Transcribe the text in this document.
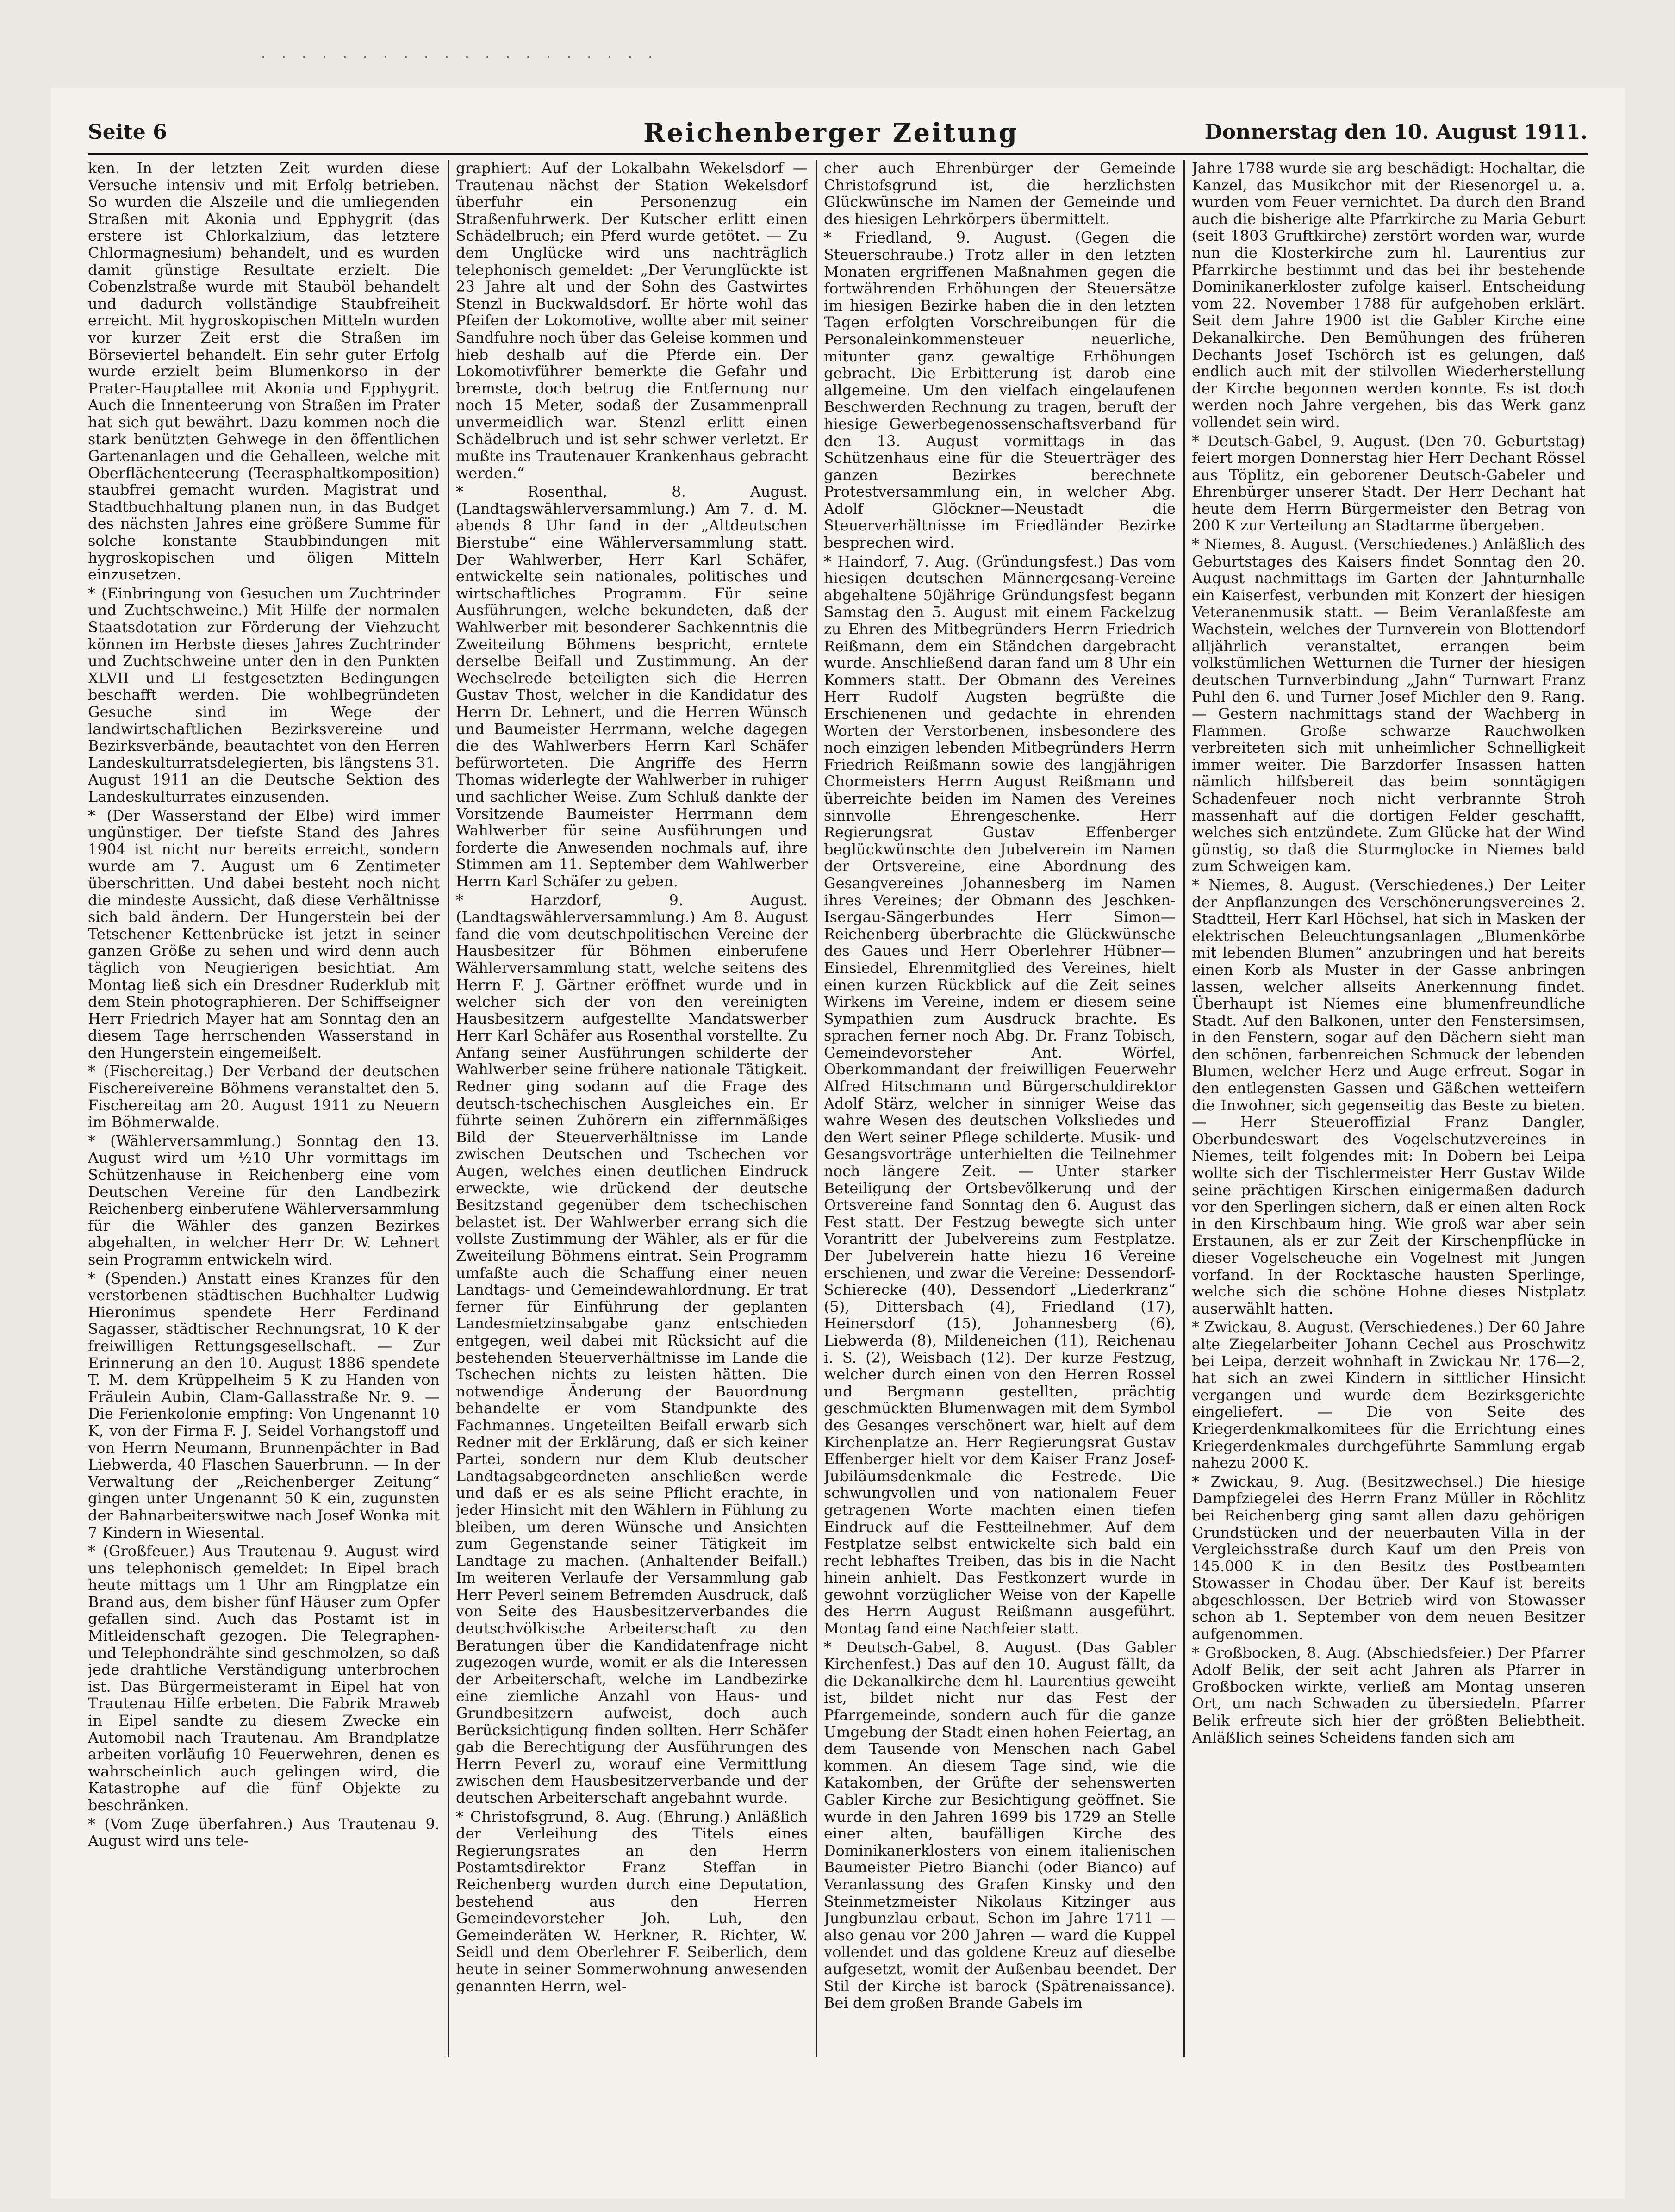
· · · · · · · · · · · · · · · · · · · ·
Seite 6	Reichenberger Zeitung	Donnerstag den 10. August 1911.

ken. In der letzten Zeit wurden diese Versuche intensiv und mit Erfolg betrieben. So wurden die Alszeile und die umliegenden Straßen mit Akonia und Epphygrit (das erstere ist Chlorkalzium, das letztere Chlormagnesium) behandelt, und es wurden damit günstige Resultate erzielt. Die Cobenzlstraße wurde mit Stauböl behandelt und dadurch vollständige Staubfreiheit erreicht. Mit hygroskopischen Mitteln wurden vor kurzer Zeit erst die Straßen im Börseviertel behandelt. Ein sehr guter Erfolg wurde erzielt beim Blumenkorso in der Prater-Hauptallee mit Akonia und Epphygrit. Auch die Innenteerung von Straßen im Prater hat sich gut bewährt. Dazu kommen noch die stark benützten Gehwege in den öffentlichen Gartenanlagen und die Gehalleen, welche mit Oberflächenteerung (Teerasphaltkomposition) staubfrei gemacht wurden. Magistrat und Stadtbuchhaltung planen nun, in das Budget des nächsten Jahres eine größere Summe für solche konstante Staubbindungen mit hygroskopischen und öligen Mitteln einzusetzen.

* (Einbringung von Gesuchen um Zuchtrinder und Zuchtschweine.) Mit Hilfe der normalen Staatsdotation zur Förderung der Viehzucht können im Herbste dieses Jahres Zuchtrinder und Zuchtschweine unter den in den Punkten XLVII und LI festgesetzten Bedingungen beschafft werden. Die wohlbegründeten Gesuche sind im Wege der landwirtschaftlichen Bezirksvereine und Bezirksverbände, beautachtet von den Herren Landeskulturratsdelegierten, bis längstens 31. August 1911 an die Deutsche Sektion des Landeskulturrates einzusenden.

* (Der Wasserstand der Elbe) wird immer ungünstiger. Der tiefste Stand des Jahres 1904 ist nicht nur bereits erreicht, sondern wurde am 7. August um 6 Zentimeter überschritten. Und dabei besteht noch nicht die mindeste Aussicht, daß diese Verhältnisse sich bald ändern. Der Hungerstein bei der Tetschener Kettenbrücke ist jetzt in seiner ganzen Größe zu sehen und wird denn auch täglich von Neugierigen besichtiat. Am Montag ließ sich ein Dresdner Ruderklub mit dem Stein photographieren. Der Schiffseigner Herr Friedrich Mayer hat am Sonntag den an diesem Tage herrschenden Wasserstand in den Hungerstein eingemeißelt.

* (Fischereitag.) Der Verband der deutschen Fischereivereine Böhmens veranstaltet den 5. Fischereitag am 20. August 1911 zu Neuern im Böhmerwalde.

* (Wählerversammlung.) Sonntag den 13. August wird um ½10 Uhr vormittags im Schützenhause in Reichenberg eine vom Deutschen Vereine für den Landbezirk Reichenberg einberufene Wählerversammlung für die Wähler des ganzen Bezirkes abgehalten, in welcher Herr Dr. W. Lehnert sein Programm entwickeln wird.

* (Spenden.) Anstatt eines Kranzes für den verstorbenen städtischen Buchhalter Ludwig Hieronimus spendete Herr Ferdinand Sagasser, städtischer Rechnungsrat, 10 K der freiwilligen Rettungsgesellschaft. — Zur Erinnerung an den 10. August 1886 spendete T. M. dem Krüppelheim 5 K zu Handen von Fräulein Aubin, Clam-Gallasstraße Nr. 9. — Die Ferienkolonie empfing: Von Ungenannt 10 K, von der Firma F. J. Seidel Vorhangstoff und von Herrn Neumann, Brunnenpächter in Bad Liebwerda, 40 Flaschen Sauerbrunn. — In der Verwaltung der „Reichenberger Zeitung“ gingen unter Ungenannt 50 K ein, zugunsten der Bahnarbeiterswitwe nach Josef Wonka mit 7 Kindern in Wiesental.

* (Großfeuer.) Aus Trautenau 9. August wird uns telephonisch gemeldet: In Eipel brach heute mittags um 1 Uhr am Ringplatze ein Brand aus, dem bisher fünf Häuser zum Opfer gefallen sind. Auch das Postamt ist in Mitleidenschaft gezogen. Die Telegraphen- und Telephondrähte sind geschmolzen, so daß jede drahtliche Verständigung unterbrochen ist. Das Bürgermeisteramt in Eipel hat von Trautenau Hilfe erbeten. Die Fabrik Mraweb in Eipel sandte zu diesem Zwecke ein Automobil nach Trautenau. Am Brandplatze arbeiten vorläufig 10 Feuerwehren, denen es wahrscheinlich auch gelingen wird, die Katastrophe auf die fünf Objekte zu beschränken.

* (Vom Zuge überfahren.) Aus Trautenau 9. August wird uns tele-

graphiert: Auf der Lokalbahn Wekelsdorf —Trautenau nächst der Station Wekelsdorf überfuhr ein Personenzug ein Straßenfuhrwerk. Der Kutscher erlitt einen Schädelbruch; ein Pferd wurde getötet. — Zu dem Unglücke wird uns nachträglich telephonisch gemeldet: „Der Verunglückte ist 23 Jahre alt und der Sohn des Gastwirtes Stenzl in Buckwaldsdorf. Er hörte wohl das Pfeifen der Lokomotive, wollte aber mit seiner Sandfuhre noch über das Geleise kommen und hieb deshalb auf die Pferde ein. Der Lokomotivführer bemerkte die Gefahr und bremste, doch betrug die Entfernung nur noch 15 Meter, sodaß der Zusammenprall unvermeidlich war. Stenzl erlitt einen Schädelbruch und ist sehr schwer verletzt. Er mußte ins Trautenauer Krankenhaus gebracht werden.“

* Rosenthal, 8. August. (Landtagswählerversammlung.) Am 7. d. M. abends 8 Uhr fand in der „Altdeutschen Bierstube“ eine Wählerversammlung statt. Der Wahlwerber, Herr Karl Schäfer, entwickelte sein nationales, politisches und wirtschaftliches Programm. Für seine Ausführungen, welche bekundeten, daß der Wahlwerber mit besonderer Sachkenntnis die Zweiteilung Böhmens bespricht, erntete derselbe Beifall und Zustimmung. An der Wechselrede beteiligten sich die Herren Gustav Thost, welcher in die Kandidatur des Herrn Dr. Lehnert, und die Herren Wünsch und Baumeister Herrmann, welche dagegen die des Wahlwerbers Herrn Karl Schäfer befürworteten. Die Angriffe des Herrn Thomas widerlegte der Wahlwerber in ruhiger und sachlicher Weise. Zum Schluß dankte der Vorsitzende Baumeister Herrmann dem Wahlwerber für seine Ausführungen und forderte die Anwesenden nochmals auf, ihre Stimmen am 11. September dem Wahlwerber Herrn Karl Schäfer zu geben.

* Harzdorf, 9. August. (Landtagswählerversammlung.) Am 8. August fand die vom deutschpolitischen Vereine der Hausbesitzer für Böhmen einberufene Wählerversammlung statt, welche seitens des Herrn F. J. Gärtner eröffnet wurde und in welcher sich der von den vereinigten Hausbesitzern aufgestellte Mandatswerber Herr Karl Schäfer aus Rosenthal vorstellte. Zu Anfang seiner Ausführungen schilderte der Wahlwerber seine frühere nationale Tätigkeit. Redner ging sodann auf die Frage des deutsch-tschechischen Ausgleiches ein. Er führte seinen Zuhörern ein ziffernmäßiges Bild der Steuerverhältnisse im Lande zwischen Deutschen und Tschechen vor Augen, welches einen deutlichen Eindruck erweckte, wie drückend der deutsche Besitzstand gegenüber dem tschechischen belastet ist. Der Wahlwerber errang sich die vollste Zustimmung der Wähler, als er für die Zweiteilung Böhmens eintrat. Sein Programm umfaßte auch die Schaffung einer neuen Landtags- und Gemeindewahlordnung. Er trat ferner für Einführung der geplanten Landesmietzinsabgabe ganz entschieden entgegen, weil dabei mit Rücksicht auf die bestehenden Steuerverhältnisse im Lande die Tschechen nichts zu leisten hätten. Die notwendige Änderung der Bauordnung behandelte er vom Standpunkte des Fachmannes. Ungeteilten Beifall erwarb sich Redner mit der Erklärung, daß er sich keiner Partei, sondern nur dem Klub deutscher Landtagsabgeordneten anschließen werde und daß er es als seine Pflicht erachte, in jeder Hinsicht mit den Wählern in Fühlung zu bleiben, um deren Wünsche und Ansichten zum Gegenstande seiner Tätigkeit im Landtage zu machen. (Anhaltender Beifall.) Im weiteren Verlaufe der Versammlung gab Herr Peverl seinem Befremden Ausdruck, daß von Seite des Hausbesitzerverbandes die deutschvölkische Arbeiterschaft zu den Beratungen über die Kandidatenfrage nicht zugezogen wurde, womit er als die Interessen der Arbeiterschaft, welche im Landbezirke eine ziemliche Anzahl von Haus- und Grundbesitzern aufweist, doch auch Berücksichtigung finden sollten. Herr Schäfer gab die Berechtigung der Ausführungen des Herrn Peverl zu, worauf eine Vermittlung zwischen dem Hausbesitzerverbande und der deutschen Arbeiterschaft angebahnt wurde.

* Christofsgrund, 8. Aug. (Ehrung.) Anläßlich der Verleihung des Titels eines Regierungsrates an den Herrn Postamtsdirektor Franz Steffan in Reichenberg wurden durch eine Deputation, bestehend aus den Herren Gemeindevorsteher Joh. Luh, den Gemeinderäten W. Herkner, R. Richter, W. Seidl und dem Oberlehrer F. Seiberlich, dem heute in seiner Sommerwohnung anwesenden genannten Herrn, wel-

cher auch Ehrenbürger der Gemeinde Christofsgrund ist, die herzlichsten Glückwünsche im Namen der Gemeinde und des hiesigen Lehrkörpers übermittelt.

* Friedland, 9. August. (Gegen die Steuerschraube.) Trotz aller in den letzten Monaten ergriffenen Maßnahmen gegen die fortwährenden Erhöhungen der Steuersätze im hiesigen Bezirke haben die in den letzten Tagen erfolgten Vorschreibungen für die Personaleinkommensteuer neuerliche, mitunter ganz gewaltige Erhöhungen gebracht. Die Erbitterung ist darob eine allgemeine. Um den vielfach eingelaufenen Beschwerden Rechnung zu tragen, beruft der hiesige Gewerbegenossenschaftsverband für den 13. August vormittags in das Schützenhaus eine für die Steuerträger des ganzen Bezirkes berechnete Protestversammlung ein, in welcher Abg. Adolf Glöckner—Neustadt die Steuerverhältnisse im Friedländer Bezirke besprechen wird.

* Haindorf, 7. Aug. (Gründungsfest.) Das vom hiesigen deutschen Männergesang-Vereine abgehaltene 50jährige Gründungsfest begann Samstag den 5. August mit einem Fackelzug zu Ehren des Mitbegründers Herrn Friedrich Reißmann, dem ein Ständchen dargebracht wurde. Anschließend daran fand um 8 Uhr ein Kommers statt. Der Obmann des Vereines Herr Rudolf Augsten begrüßte die Erschienenen und gedachte in ehrenden Worten der Verstorbenen, insbesondere des noch einzigen lebenden Mitbegründers Herrn Friedrich Reißmann sowie des langjährigen Chormeisters Herrn August Reißmann und überreichte beiden im Namen des Vereines sinnvolle Ehrengeschenke. Herr Regierungsrat Gustav Effenberger beglückwünschte den Jubelverein im Namen der Ortsvereine, eine Abordnung des Gesangvereines Johannesberg im Namen ihres Vereines; der Obmann des Jeschken-Isergau-Sängerbundes Herr Simon—Reichenberg überbrachte die Glückwünsche des Gaues und Herr Oberlehrer Hübner—Einsiedel, Ehrenmitglied des Vereines, hielt einen kurzen Rückblick auf die Zeit seines Wirkens im Vereine, indem er diesem seine Sympathien zum Ausdruck brachte. Es sprachen ferner noch Abg. Dr. Franz Tobisch, Gemeindevorsteher Ant. Wörfel, Oberkommandant der freiwilligen Feuerwehr Alfred Hitschmann und Bürgerschuldirektor Adolf Stärz, welcher in sinniger Weise das wahre Wesen des deutschen Volksliedes und den Wert seiner Pflege schilderte. Musik- und Gesangsvorträge unterhielten die Teilnehmer noch längere Zeit. — Unter starker Beteiligung der Ortsbevölkerung und der Ortsvereine fand Sonntag den 6. August das Fest statt. Der Festzug bewegte sich unter Vorantritt der Jubelvereins zum Festplatze. Der Jubelverein hatte hiezu 16 Vereine erschienen, und zwar die Vereine: Dessendorf-Schierecke (40), Dessendorf „Liederkranz“ (5), Dittersbach (4), Friedland (17), Heinersdorf (15), Johannesberg (6), Liebwerda (8), Mildeneichen (11), Reichenau i. S. (2), Weisbach (12). Der kurze Festzug, welcher durch einen von den Herren Rossel und Bergmann gestellten, prächtig geschmückten Blumenwagen mit dem Symbol des Gesanges verschönert war, hielt auf dem Kirchenplatze an. Herr Regierungsrat Gustav Effenberger hielt vor dem Kaiser Franz Josef-Jubiläumsdenkmale die Festrede. Die schwungvollen und von nationalem Feuer getragenen Worte machten einen tiefen Eindruck auf die Festteilnehmer. Auf dem Festplatze selbst entwickelte sich bald ein recht lebhaftes Treiben, das bis in die Nacht hinein anhielt. Das Festkonzert wurde in gewohnt vorzüglicher Weise von der Kapelle des Herrn August Reißmann ausgeführt. Montag fand eine Nachfeier statt.

* Deutsch-Gabel, 8. August. (Das Gabler Kirchenfest.) Das auf den 10. August fällt, da die Dekanalkirche dem hl. Laurentius geweiht ist, bildet nicht nur das Fest der Pfarrgemeinde, sondern auch für die ganze Umgebung der Stadt einen hohen Feiertag, an dem Tausende von Menschen nach Gabel kommen. An diesem Tage sind, wie die Katakomben, der Grüfte der sehenswerten Gabler Kirche zur Besichtigung geöffnet. Sie wurde in den Jahren 1699 bis 1729 an Stelle einer alten, baufälligen Kirche des Dominikanerklosters von einem italienischen Baumeister Pietro Bianchi (oder Bianco) auf Veranlassung des Grafen Kinsky und den Steinmetzmeister Nikolaus Kitzinger aus Jungbunzlau erbaut. Schon im Jahre 1711 — also genau vor 200 Jahren — ward die Kuppel vollendet und das goldene Kreuz auf dieselbe aufgesetzt, womit der Außenbau beendet. Der Stil der Kirche ist barock (Spätrenaissance). Bei dem großen Brande Gabels im

Jahre 1788 wurde sie arg beschädigt: Hochaltar, die Kanzel, das Musikchor mit der Riesenorgel u. a. wurden vom Feuer vernichtet. Da durch den Brand auch die bisherige alte Pfarrkirche zu Maria Geburt (seit 1803 Gruftkirche) zerstört worden war, wurde nun die Klosterkirche zum hl. Laurentius zur Pfarrkirche bestimmt und das bei ihr bestehende Dominikanerkloster zufolge kaiserl. Entscheidung vom 22. November 1788 für aufgehoben erklärt. Seit dem Jahre 1900 ist die Gabler Kirche eine Dekanalkirche. Den Bemühungen des früheren Dechants Josef Tschörch ist es gelungen, daß endlich auch mit der stilvollen Wiederherstellung der Kirche begonnen werden konnte. Es ist doch werden noch Jahre vergehen, bis das Werk ganz vollendet sein wird.

* Deutsch-Gabel, 9. August. (Den 70. Geburtstag) feiert morgen Donnerstag hier Herr Dechant Rössel aus Töplitz, ein geborener Deutsch-Gabeler und Ehrenbürger unserer Stadt. Der Herr Dechant hat heute dem Herrn Bürgermeister den Betrag von 200 K zur Verteilung an Stadtarme übergeben.

* Niemes, 8. August. (Verschiedenes.) Anläßlich des Geburtstages des Kaisers findet Sonntag den 20. August nachmittags im Garten der Jahnturnhalle ein Kaiserfest, verbunden mit Konzert der hiesigen Veteranenmusik statt. — Beim Veranlaßfeste am Wachstein, welches der Turnverein von Blottendorf alljährlich veranstaltet, errangen beim volkstümlichen Wetturnen die Turner der hiesigen deutschen Turnverbindung „Jahn“ Turnwart Franz Puhl den 6. und Turner Josef Michler den 9. Rang. — Gestern nachmittags stand der Wachberg in Flammen. Große schwarze Rauchwolken verbreiteten sich mit unheimlicher Schnelligkeit immer weiter. Die Barzdorfer Insassen hatten nämlich hilfsbereit das beim sonntägigen Schadenfeuer noch nicht verbrannte Stroh massenhaft auf die dortigen Felder geschafft, welches sich entzündete. Zum Glücke hat der Wind günstig, so daß die Sturmglocke in Niemes bald zum Schweigen kam.

* Niemes, 8. August. (Verschiedenes.) Der Leiter der Anpflanzungen des Verschönerungsvereines 2. Stadtteil, Herr Karl Höchsel, hat sich in Masken der elektrischen Beleuchtungsanlagen „Blumenkörbe mit lebenden Blumen“ anzubringen und hat bereits einen Korb als Muster in der Gasse anbringen lassen, welcher allseits Anerkennung findet. Überhaupt ist Niemes eine blumenfreundliche Stadt. Auf den Balkonen, unter den Fenstersimsen, in den Fenstern, sogar auf den Dächern sieht man den schönen, farbenreichen Schmuck der lebenden Blumen, welcher Herz und Auge erfreut. Sogar in den entlegensten Gassen und Gäßchen wetteifern die Inwohner, sich gegenseitig das Beste zu bieten. — Herr Steueroffizial Franz Dangler, Oberbundeswart des Vogelschutzvereines in Niemes, teilt folgendes mit: In Dobern bei Leipa wollte sich der Tischlermeister Herr Gustav Wilde seine prächtigen Kirschen einigermaßen dadurch vor den Sperlingen sichern, daß er einen alten Rock in den Kirschbaum hing. Wie groß war aber sein Erstaunen, als er zur Zeit der Kirschenpflücke in dieser Vogelscheuche ein Vogelnest mit Jungen vorfand. In der Rocktasche hausten Sperlinge, welche sich die schöne Hohne dieses Nistplatz auserwählt hatten.

* Zwickau, 8. August. (Verschiedenes.) Der 60 Jahre alte Ziegelarbeiter Johann Cechel aus Proschwitz bei Leipa, derzeit wohnhaft in Zwickau Nr. 176—2, hat sich an zwei Kindern in sittlicher Hinsicht vergangen und wurde dem Bezirksgerichte eingeliefert. — Die von Seite des Kriegerdenkmalkomitees für die Errichtung eines Kriegerdenkmales durchgeführte Sammlung ergab nahezu 2000 K.

* Zwickau, 9. Aug. (Besitzwechsel.) Die hiesige Dampfziegelei des Herrn Franz Müller in Röchlitz bei Reichenberg ging samt allen dazu gehörigen Grundstücken und der neuerbauten Villa in der Vergleichsstraße durch Kauf um den Preis von 145.000 K in den Besitz des Postbeamten Stowasser in Chodau über. Der Kauf ist bereits abgeschlossen. Der Betrieb wird von Stowasser schon ab 1. September von dem neuen Besitzer aufgenommen.

* Großbocken, 8. Aug. (Abschiedsfeier.) Der Pfarrer Adolf Belik, der seit acht Jahren als Pfarrer in Großbocken wirkte, verließ am Montag unseren Ort, um nach Schwaden zu übersiedeln. Pfarrer Belik erfreute sich hier der größten Beliebtheit. Anläßlich seines Scheidens fanden sich am
